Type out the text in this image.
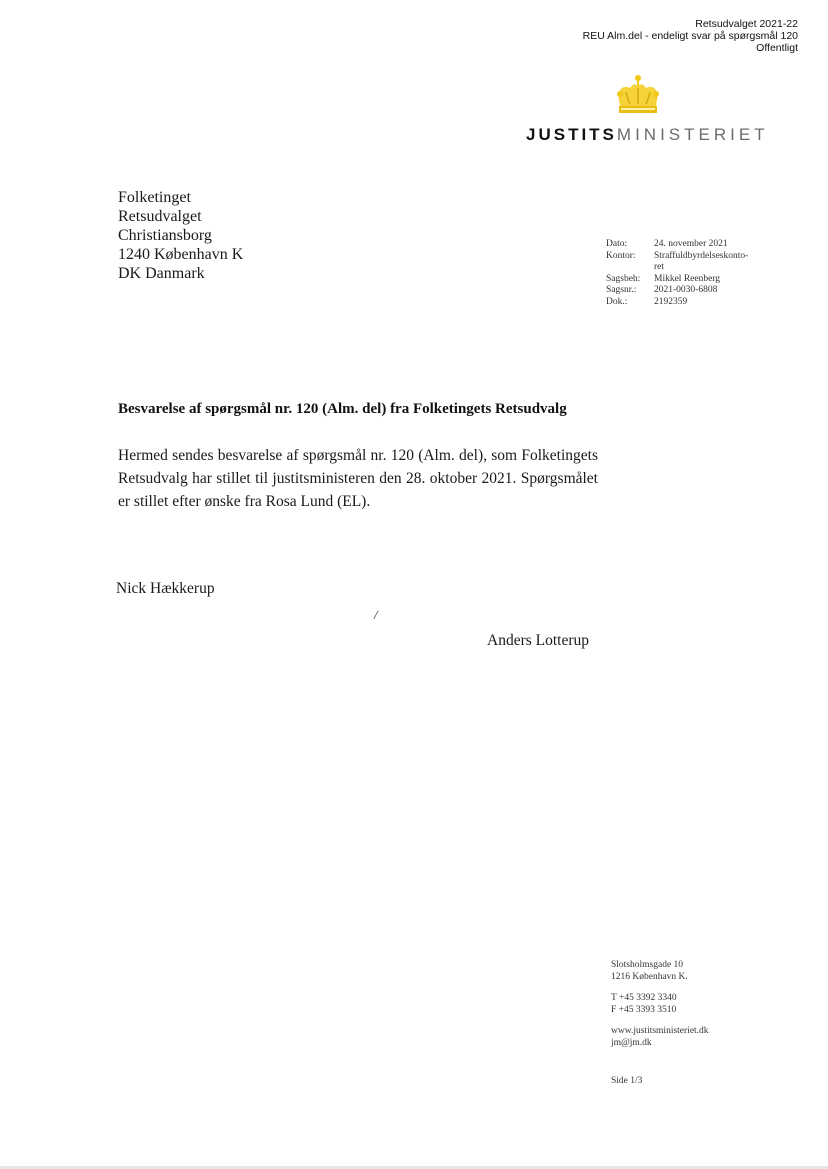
Retsudvalget 2021-22
REU Alm.del - endeligt svar på spørgsmål 120
Offentligt
JUSTITSMINISTERIET
Folketinget
Retsudvalget
Christiansborg
1240 København K
DK Danmark
Dato:	24. november 2021
Kontor:	Straffuldbyrdelseskonto-
ret
Sagsbeh:	Mikkel Reenberg
Sagsnr.:	2021-0030-6808
Dok.:	2192359
Besvarelse af spørgsmål nr. 120 (Alm. del) fra Folketingets Retsudvalg
Hermed sendes besvarelse af spørgsmål nr. 120 (Alm. del), som Folketingets Retsudvalg har stillet til justitsministeren den 28. oktober 2021. Spørgsmålet er stillet efter ønske fra Rosa Lund (EL).
Nick Hækkerup
/
Anders Lotterup
Slotsholmsgade 10
1216 København K.
T +45 3392 3340
F +45 3393 3510
www.justitsministeriet.dk
jm@jm.dk
Side 1/3
